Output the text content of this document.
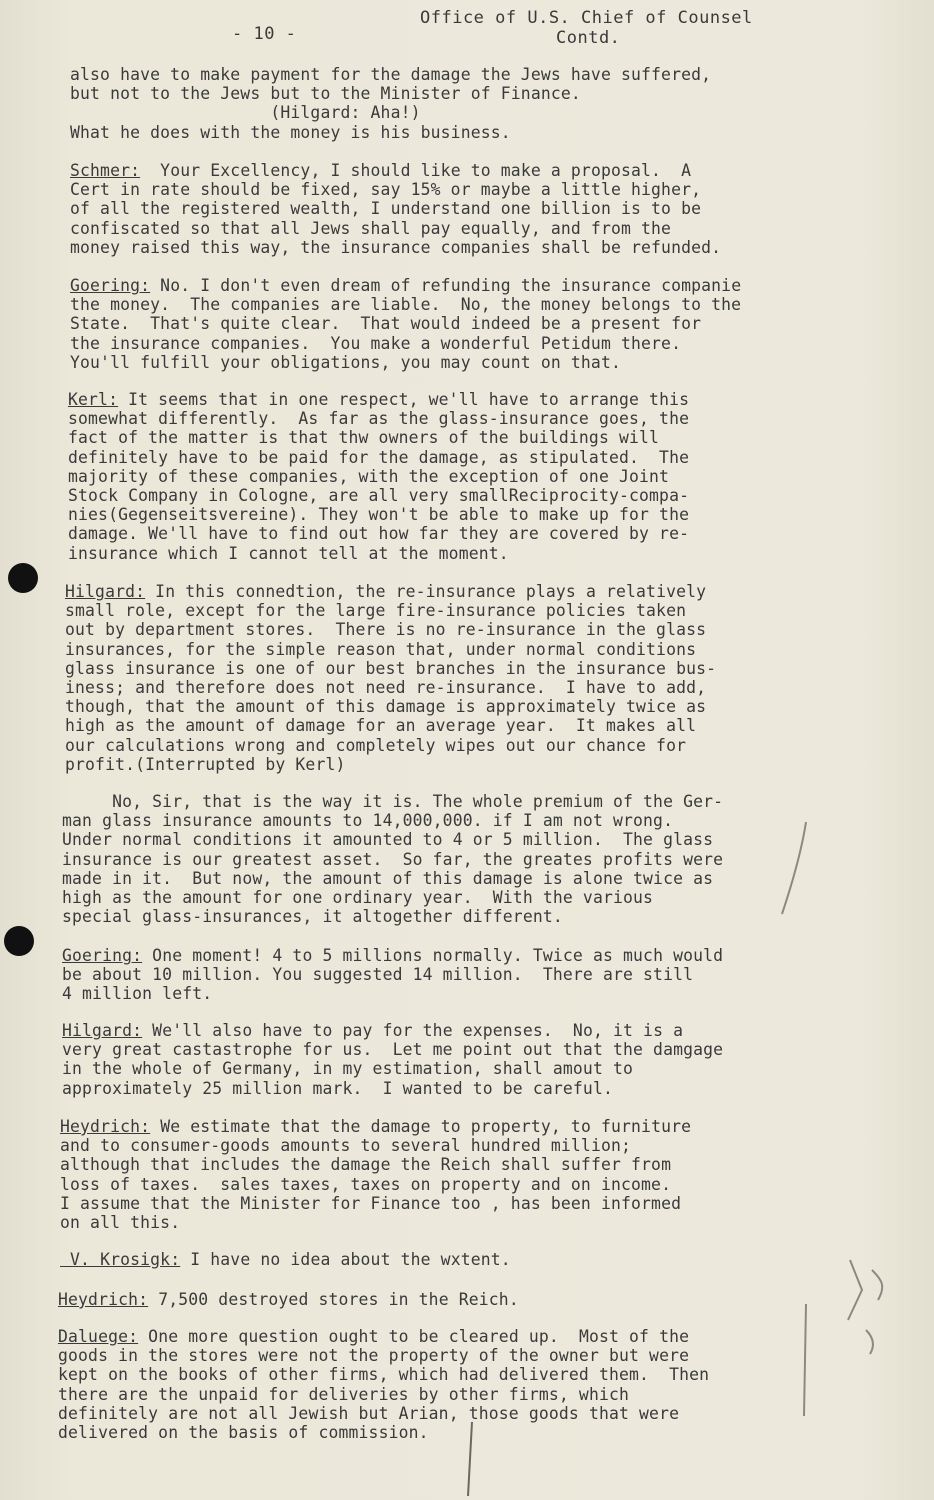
- 10 -
Office of U.S. Chief of Counsel
Contd.
also have to make payment for the damage the Jews have suffered,
but not to the Jews but to the Minister of Finance.
(Hilgard: Aha!)
What he does with the money is his business.
Schmer:  Your Excellency, I should like to make a proposal.  A
Cert in rate should be fixed, say 15% or maybe a little higher,
of all the registered wealth, I understand one billion is to be
confiscated so that all Jews shall pay equally, and from the
money raised this way, the insurance companies shall be refunded.
Goering: No. I don't even dream of refunding the insurance companie
the money.  The companies are liable.  No, the money belongs to the
State.  That's quite clear.  That would indeed be a present for
the insurance companies.  You make a wonderful Petidum there.
You'll fulfill your obligations, you may count on that.
Kerl: It seems that in one respect, we'll have to arrange this
somewhat differently.  As far as the glass-insurance goes, the
fact of the matter is that thw owners of the buildings will
definitely have to be paid for the damage, as stipulated.  The
majority of these companies, with the exception of one Joint
Stock Company in Cologne, are all very smallReciprocity-compa-
nies(Gegenseitsvereine). They won't be able to make up for the
damage. We'll have to find out how far they are covered by re-
insurance which I cannot tell at the moment.
Hilgard: In this connedtion, the re-insurance plays a relatively
small role, except for the large fire-insurance policies taken
out by department stores.  There is no re-insurance in the glass
insurances, for the simple reason that, under normal conditions
glass insurance is one of our best branches in the insurance bus-
iness; and therefore does not need re-insurance.  I have to add,
though, that the amount of this damage is approximately twice as
high as the amount of damage for an average year.  It makes all
our calculations wrong and completely wipes out our chance for
profit.(Interrupted by Kerl)
No, Sir, that is the way it is. The whole premium of the Ger-
man glass insurance amounts to 14,000,000. if I am not wrong.
Under normal conditions it amounted to 4 or 5 million.  The glass
insurance is our greatest asset.  So far, the greates profits were
made in it.  But now, the amount of this damage is alone twice as
high as the amount for one ordinary year.  With the various
special glass-insurances, it altogether different.
Goering: One moment! 4 to 5 millions normally. Twice as much would
be about 10 million. You suggested 14 million.  There are still
4 million left.
Hilgard: We'll also have to pay for the expenses.  No, it is a
very great castastrophe for us.  Let me point out that the damgage
in the whole of Germany, in my estimation, shall amout to
approximately 25 million mark.  I wanted to be careful.
Heydrich: We estimate that the damage to property, to furniture
and to consumer-goods amounts to several hundred million;
although that includes the damage the Reich shall suffer from
loss of taxes.  sales taxes, taxes on property and on income.
I assume that the Minister for Finance too , has been informed
on all this.
V. Krosigk: I have no idea about the wxtent.
Heydrich: 7,500 destroyed stores in the Reich.
Daluege: One more question ought to be cleared up.  Most of the
goods in the stores were not the property of the owner but were
kept on the books of other firms, which had delivered them.  Then
there are the unpaid for deliveries by other firms, which
definitely are not all Jewish but Arian, those goods that were
delivered on the basis of commission.
